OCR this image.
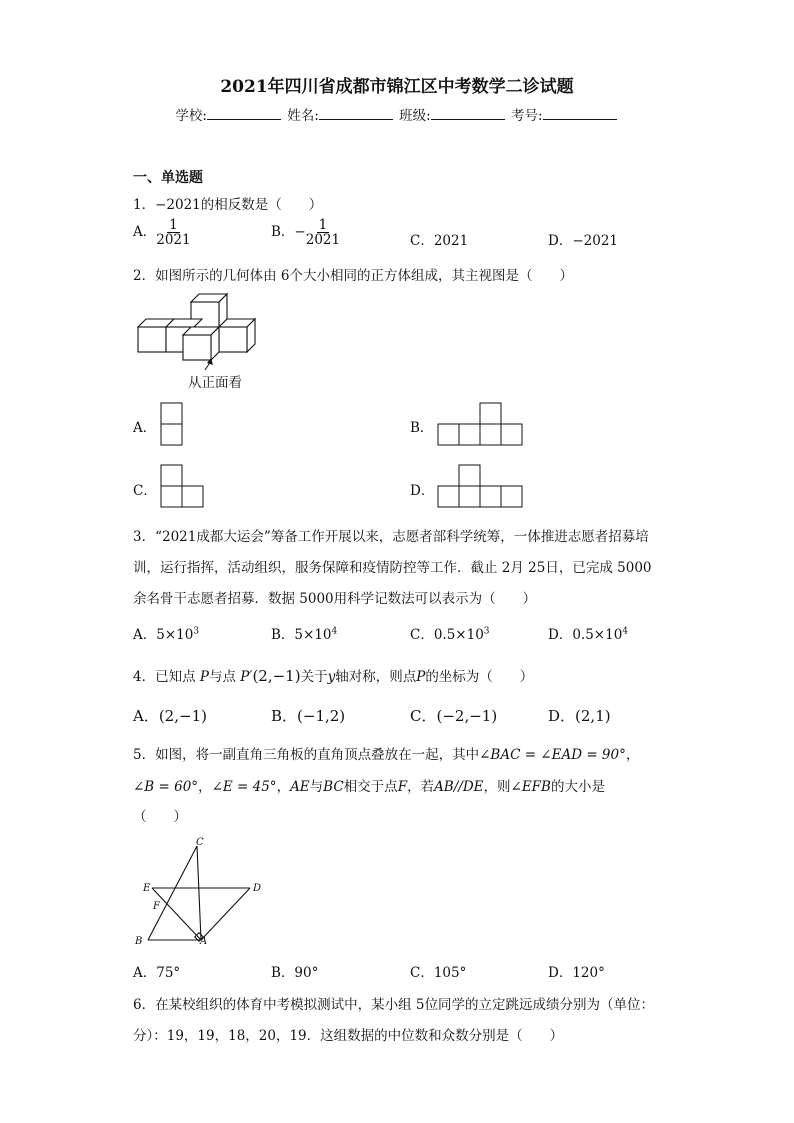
2021年四川省成都市锦江区中考数学二诊试题
学校:	姓名:	班级:	考号:
一、单选题
1．−2021的相反数是（　　）
A． $\frac{1}{2021}$	B．− $\frac{1}{2021}$	C．2021	D．−2021
2．如图所示的几何体由 6个大小相同的正方体组成，其主视图是（　　）
从正面看
A．	B．
C．	D．
3．“2021成都大运会”筹备工作开展以来，志愿者部科学统筹，一体推进志愿者招募培
训，运行指挥，活动组织，服务保障和疫情防控等工作．截止 2月 25日，已完成 5000
余名骨干志愿者招募．数据 5000用科学记数法可以表示为（　　）
A．$5\times 10^3$	B．$5\times 10^4$	C．$0.5\times 10^3$	D．$0.5\times 10^4$
4．已知点 P与点 P′(2,−1)关于y轴对称，则点P的坐标为（　　）
A．(2,−1)	B．(−1,2)	C．(−2,−1)	D．(2,1)
5．如图，将一副直角三角板的直角顶点叠放在一起，其中∠BAC = ∠EAD = 90°，
∠B = 60°，∠E = 45°，AE与BC相交于点F，若AB//DE，则∠EFB的大小是
（　　）
C
E	D
F
B	A
A．75°	B．90°	C．105°	D．120°
6．在某校组织的体育中考模拟测试中，某小组 5位同学的立定跳远成绩分别为（单位：
分）：19，19，18，20，19．这组数据的中位数和众数分别是（　　）
